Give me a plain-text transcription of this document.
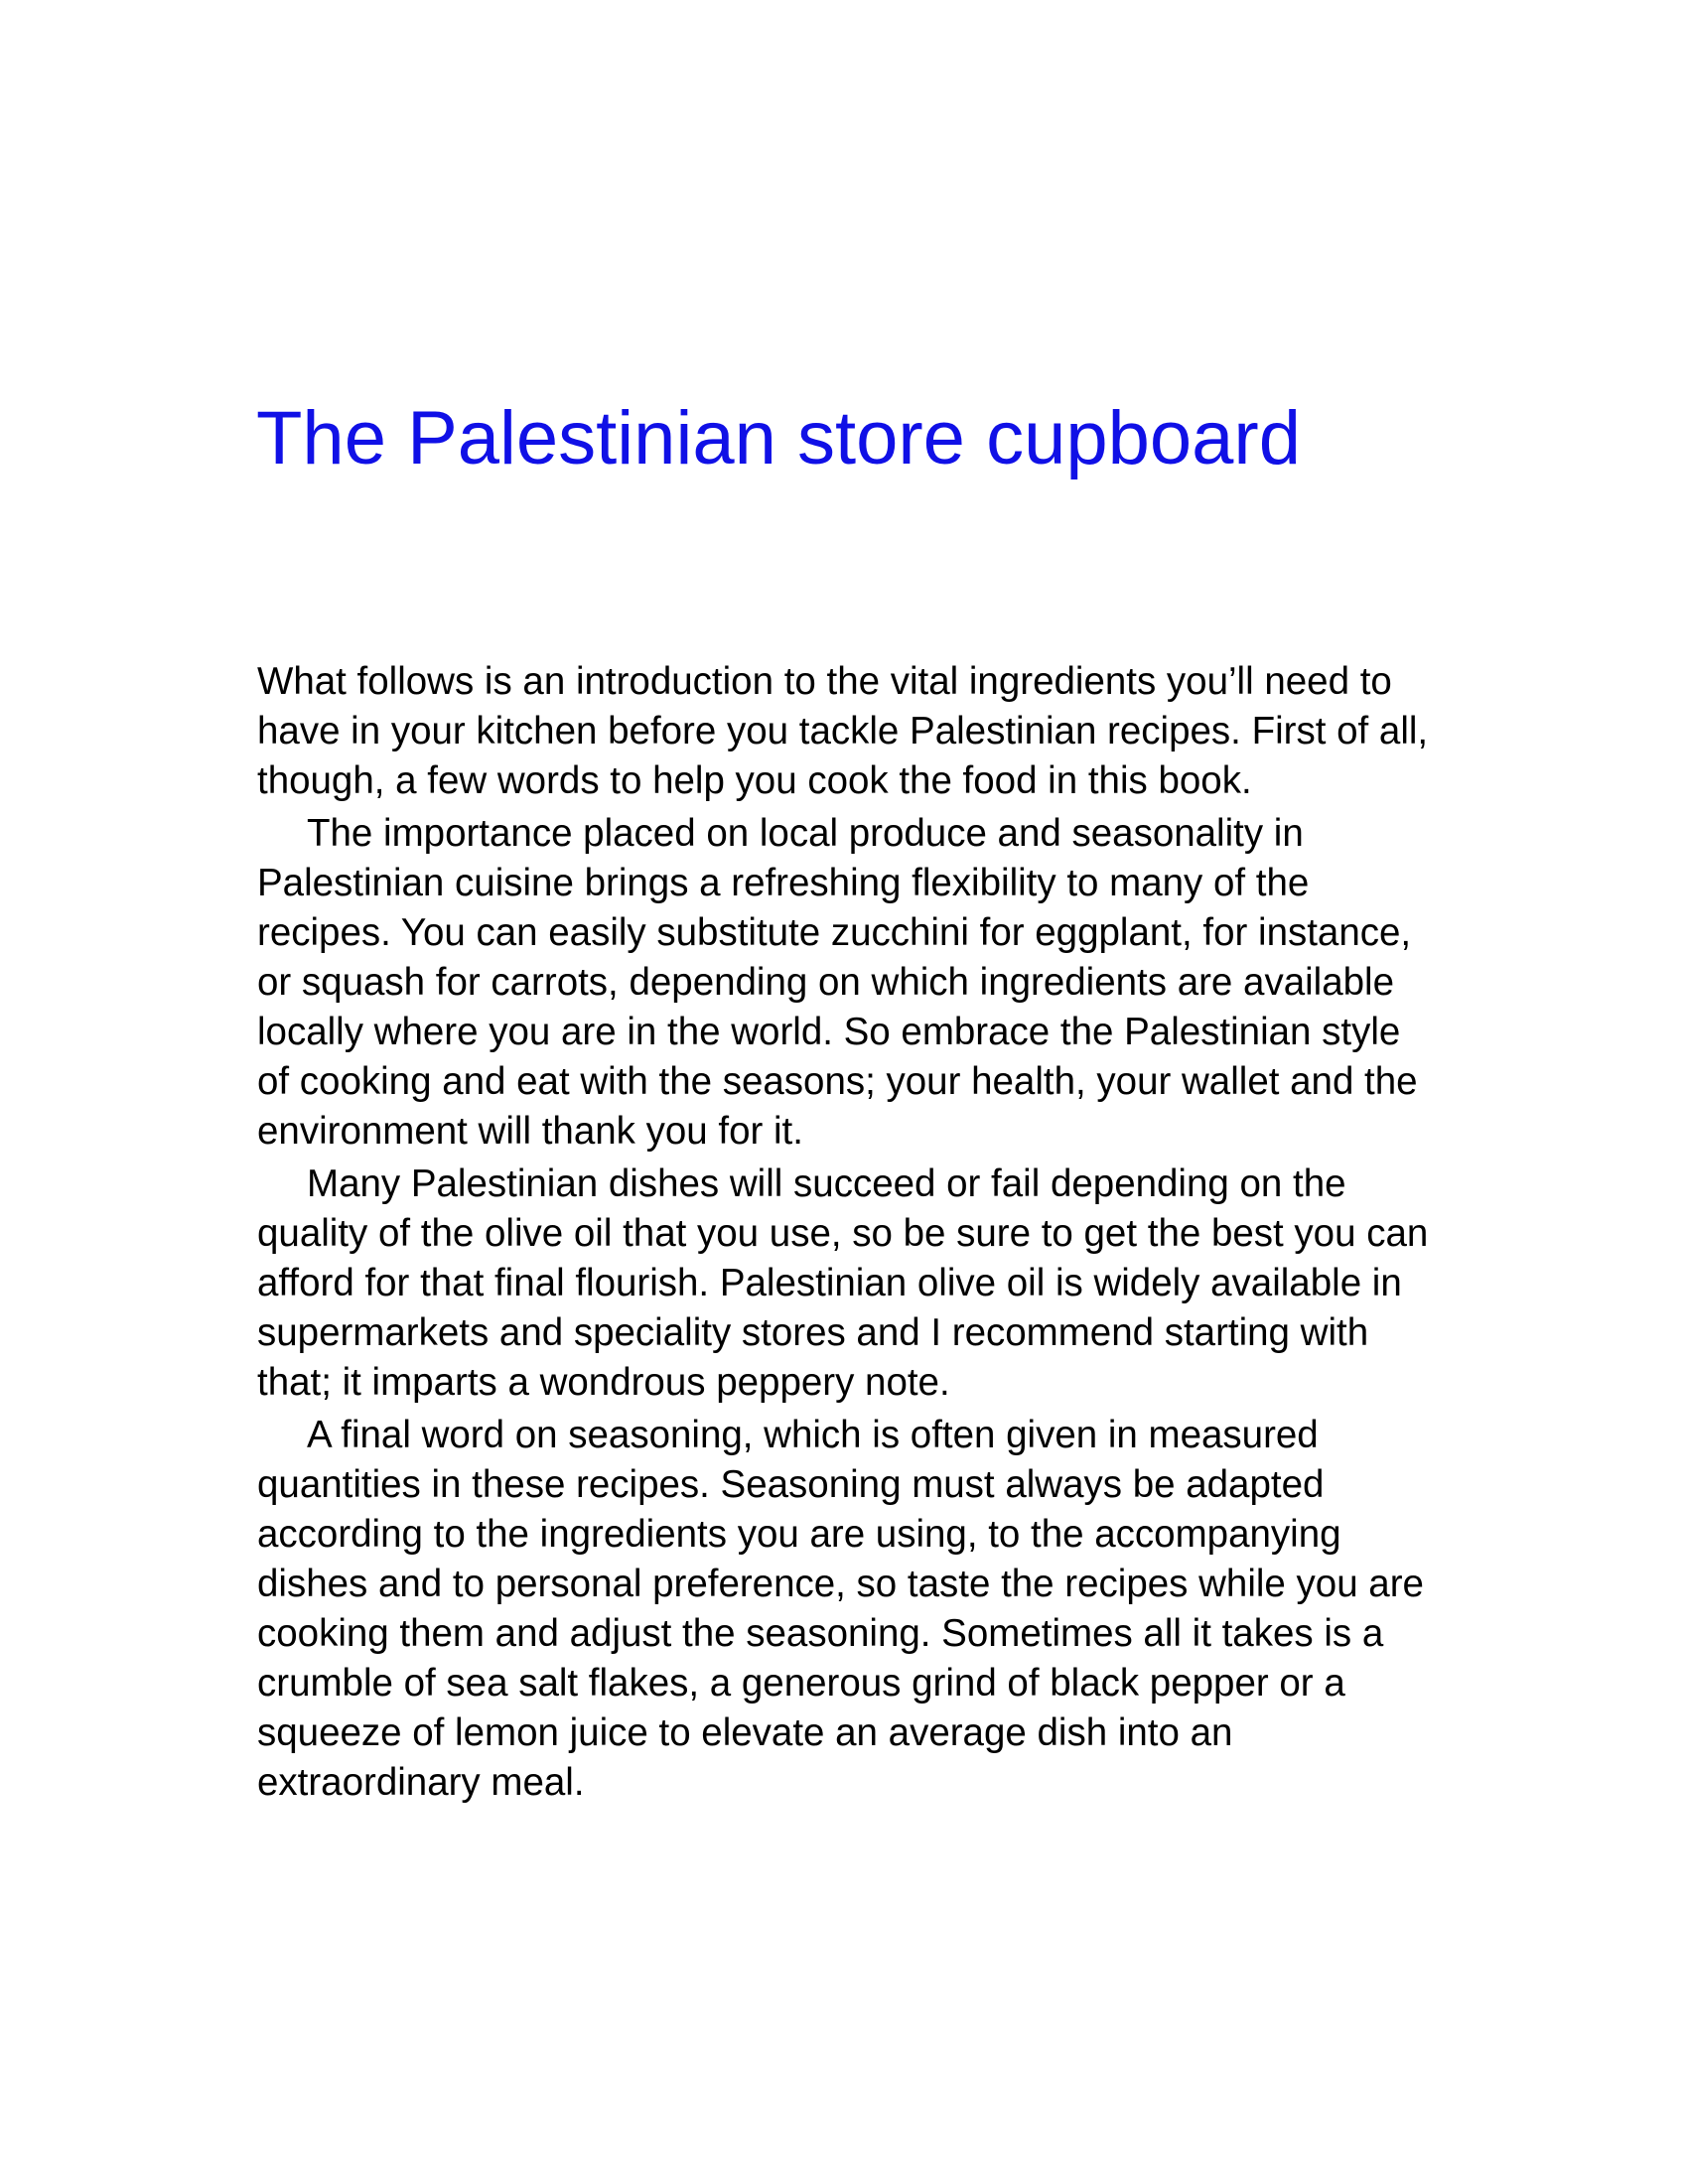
The Palestinian store cupboard

What follows is an introduction to the vital ingredients you’ll need to have in your kitchen before you tackle Palestinian recipes. First of all, though, a few words to help you cook the food in this book.

The importance placed on local produce and seasonality in Palestinian cuisine brings a refreshing flexibility to many of the recipes. You can easily substitute zucchini for eggplant, for instance, or squash for carrots, depending on which ingredients are available locally where you are in the world. So embrace the Palestinian style of cooking and eat with the seasons; your health, your wallet and the environment will thank you for it.

Many Palestinian dishes will succeed or fail depending on the quality of the olive oil that you use, so be sure to get the best you can afford for that final flourish. Palestinian olive oil is widely available in supermarkets and speciality stores and I recommend starting with that; it imparts a wondrous peppery note.

A final word on seasoning, which is often given in measured quantities in these recipes. Seasoning must always be adapted according to the ingredients you are using, to the accompanying dishes and to personal preference, so taste the recipes while you are cooking them and adjust the seasoning. Sometimes all it takes is a crumble of sea salt flakes, a generous grind of black pepper or a squeeze of lemon juice to elevate an average dish into an extraordinary meal.
